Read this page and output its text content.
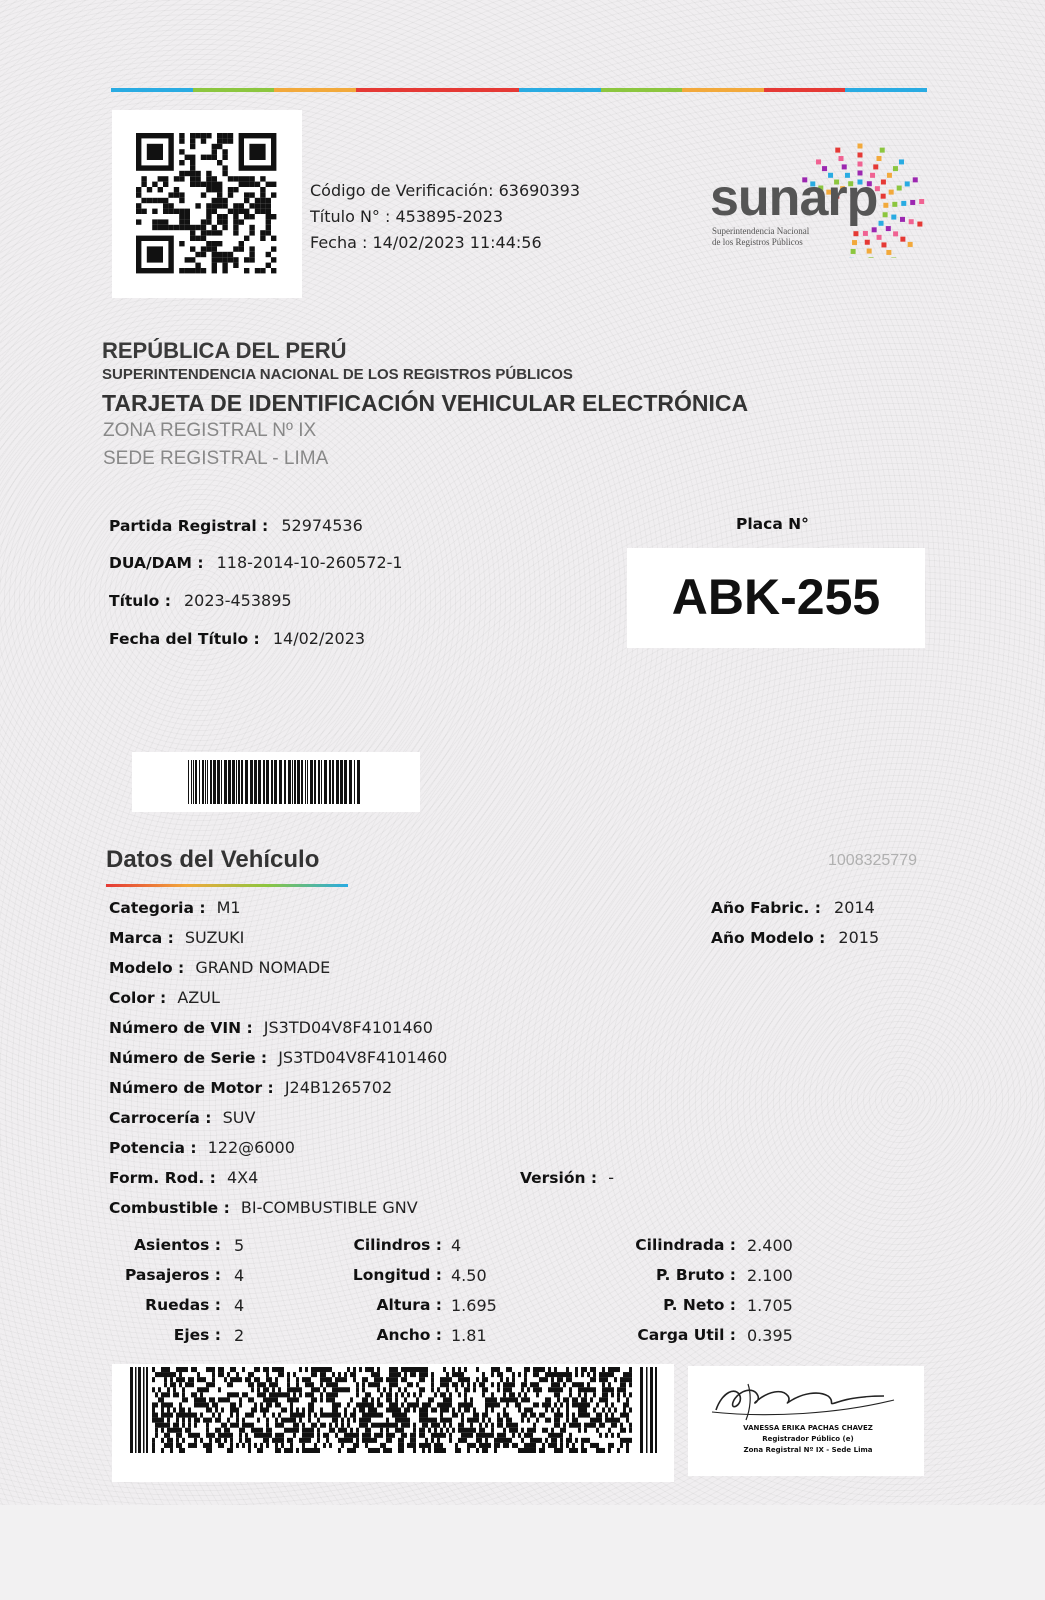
Código de Verificación: 63690393
Título N° : 453895-2023
Fecha : 14/02/2023 11:44:56
sunarp
Superintendencia Nacional
de los Registros Públicos
REPÚBLICA DEL PERÚ
SUPERINTENDENCIA NACIONAL DE LOS REGISTROS PÚBLICOS
TARJETA DE IDENTIFICACIÓN VEHICULAR ELECTRÓNICA
ZONA REGISTRAL Nº IX
SEDE REGISTRAL - LIMA
Partida Registral : 52974536
DUA/DAM : 118-2014-10-260572-1
Título : 2023-453895
Fecha del Título : 14/02/2023
Placa N°
ABK-255
Datos del Vehículo	1008325779
Categoria : M1
Marca : SUZUKI
Modelo : GRAND NOMADE
Color : AZUL
Número de VIN : JS3TD04V8F4101460
Número de Serie : JS3TD04V8F4101460
Número de Motor : J24B1265702
Carrocería : SUV
Potencia : 122@6000
Form. Rod. : 4X4
Combustible : BI-COMBUSTIBLE GNV
Versión : -
Año Fabric. : 2014
Año Modelo : 2015
Asientos : 5
Pasajeros : 4
Ruedas : 4
Ejes : 2
Cilindros : 4
Longitud : 4.50
Altura : 1.695
Ancho : 1.81
Cilindrada : 2.400
P. Bruto : 2.100
P. Neto : 1.705
Carga Util : 0.395
VANESSA ERIKA PACHAS CHAVEZ
Registrador Público (e)
Zona Registral Nº IX - Sede Lima
